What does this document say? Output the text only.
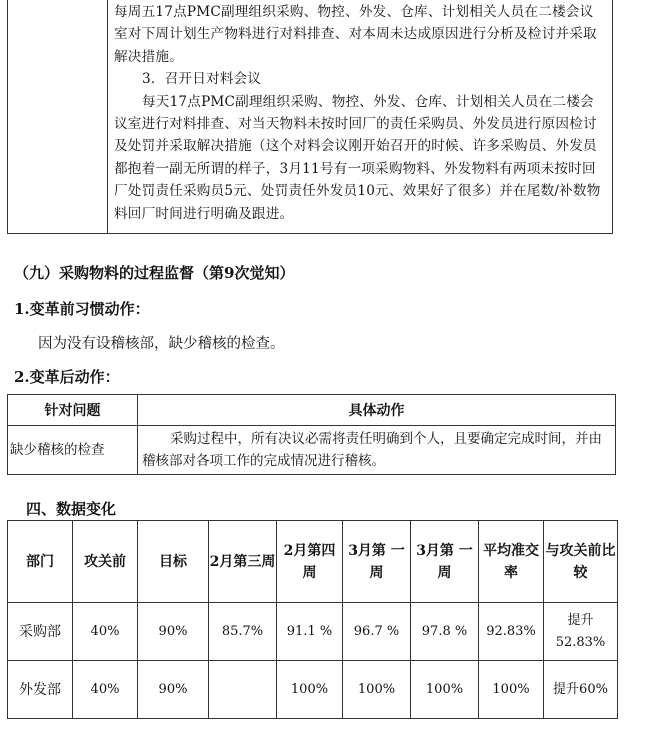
每周五17点PMC副理组织采购、物控、外发、仓库、计划相关人员在二楼会议室对下周计划生产物料进行对料排查、对本周未达成原因进行分析及检讨并采取解决措施。

3．召开日对料会议

每天17点PMC副理组织采购、物控、外发、仓库、计划相关人员在二楼会议室进行对料排查、对当天物料未按时回厂的责任采购员、外发员进行原因检讨及处罚并采取解决措施（这个对料会议刚开始召开的时候、许多采购员、外发员都抱着一副无所谓的样子，3月11号有一项采购物料、外发物料有两项未按时回厂处罚责任采购员5元、处罚责任外发员10元、效果好了很多）并在尾数/补数物料回厂时间进行明确及跟进。

（九）采购物料的过程监督（第9次觉知）
1.变革前习惯动作：

因为没有设稽核部，缺少稽核的检查。

2.变革后动作：
针对问题	具体动作
缺少稽核的检查	采购过程中，所有决议必需将责任明确到个人，且要确定完成时间，并由稽核部对各项工作的完成情况进行稽核。
四、数据变化
部门	攻关前	目标	2月第三周	2月第四周	3月第 一 周	3月第 一 周	平均准交率	与攻关前比较
采购部	40%	90%	85.7%	91.1 %	96.7 %	97.8 %	92.83%	提升52.83%
外发部	40%	90%		100%	100%	100%	100%	提升60%
